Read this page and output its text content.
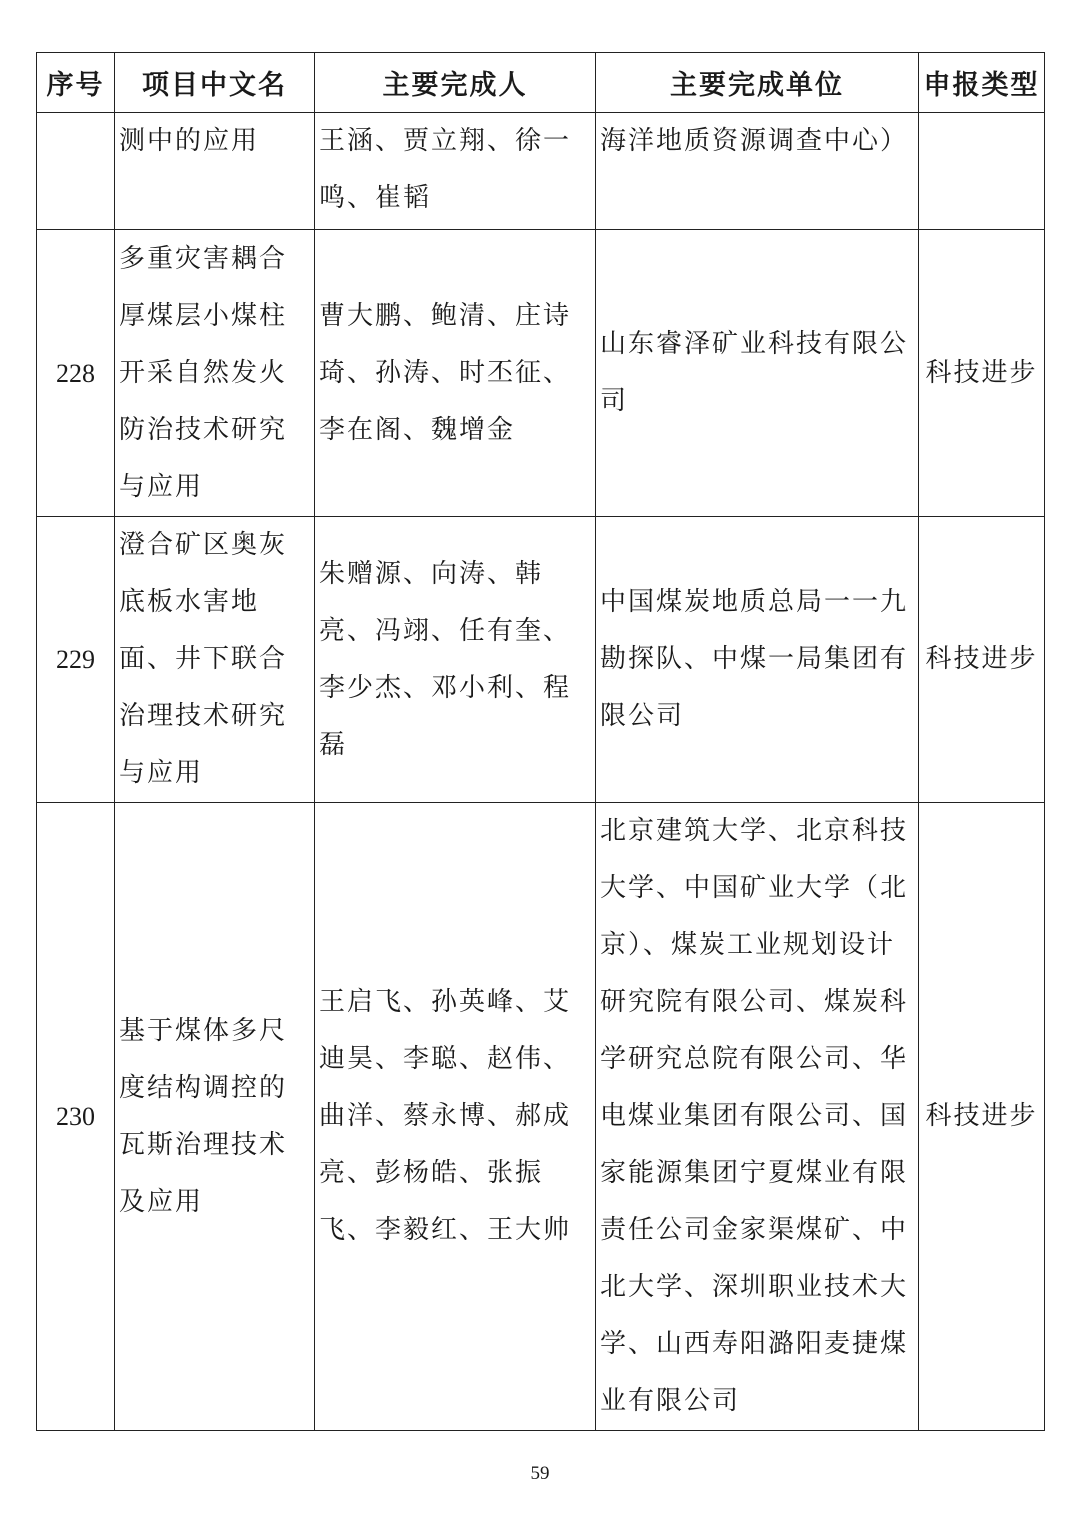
序号	项目中文名	主要完成人	主要完成单位	申报类型

	测中的应用	王涵、贾立翔、徐一鸣、崔韬	海洋地质资源调查中心）	

228	多重灾害耦合厚煤层小煤柱开采自然发火防治技术研究与应用	曹大鹏、鲍清、庄诗琦、孙涛、时丕征、李在阁、魏增金	山东睿泽矿业科技有限公司	科技进步
229	澄合矿区奥灰底板水害地面、井下联合治理技术研究与应用	朱赠源、向涛、韩亮、冯翊、任有奎、李少杰、邓小利、程磊	中国煤炭地质总局一一九勘探队、中煤一局集团有限公司	科技进步
230	基于煤体多尺度结构调控的瓦斯治理技术及应用	王启飞、孙英峰、艾迪昊、李聪、赵伟、曲洋、蔡永博、郝成亮、彭杨皓、张振飞、李毅红、王大帅	北京建筑大学、北京科技大学、中国矿业大学（北京）、煤炭工业规划设计研究院有限公司、煤炭科学研究总院有限公司、华电煤业集团有限公司、国家能源集团宁夏煤业有限责任公司金家渠煤矿、中北大学、深圳职业技术大学、山西寿阳潞阳麦捷煤业有限公司	科技进步
59
